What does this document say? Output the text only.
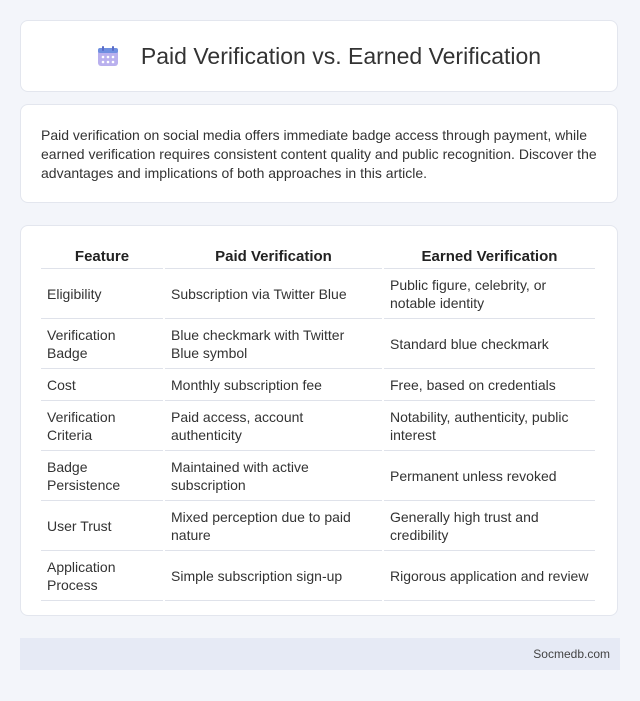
Paid Verification vs. Earned Verification

Paid verification on social media offers immediate badge access through payment, while earned verification requires consistent content quality and public recognition. Discover the advantages and implications of both approaches in this article.

Feature	Paid Verification	Earned Verification
Eligibility	Subscription via Twitter Blue	Public figure, celebrity, or notable identity
Verification Badge	Blue checkmark with Twitter Blue symbol	Standard blue checkmark
Cost	Monthly subscription fee	Free, based on credentials
Verification Criteria	Paid access, account authenticity	Notability, authenticity, public interest
Badge Persistence	Maintained with active subscription	Permanent unless revoked
User Trust	Mixed perception due to paid nature	Generally high trust and credibility
Application Process	Simple subscription sign-up	Rigorous application and review
Socmedb.com
